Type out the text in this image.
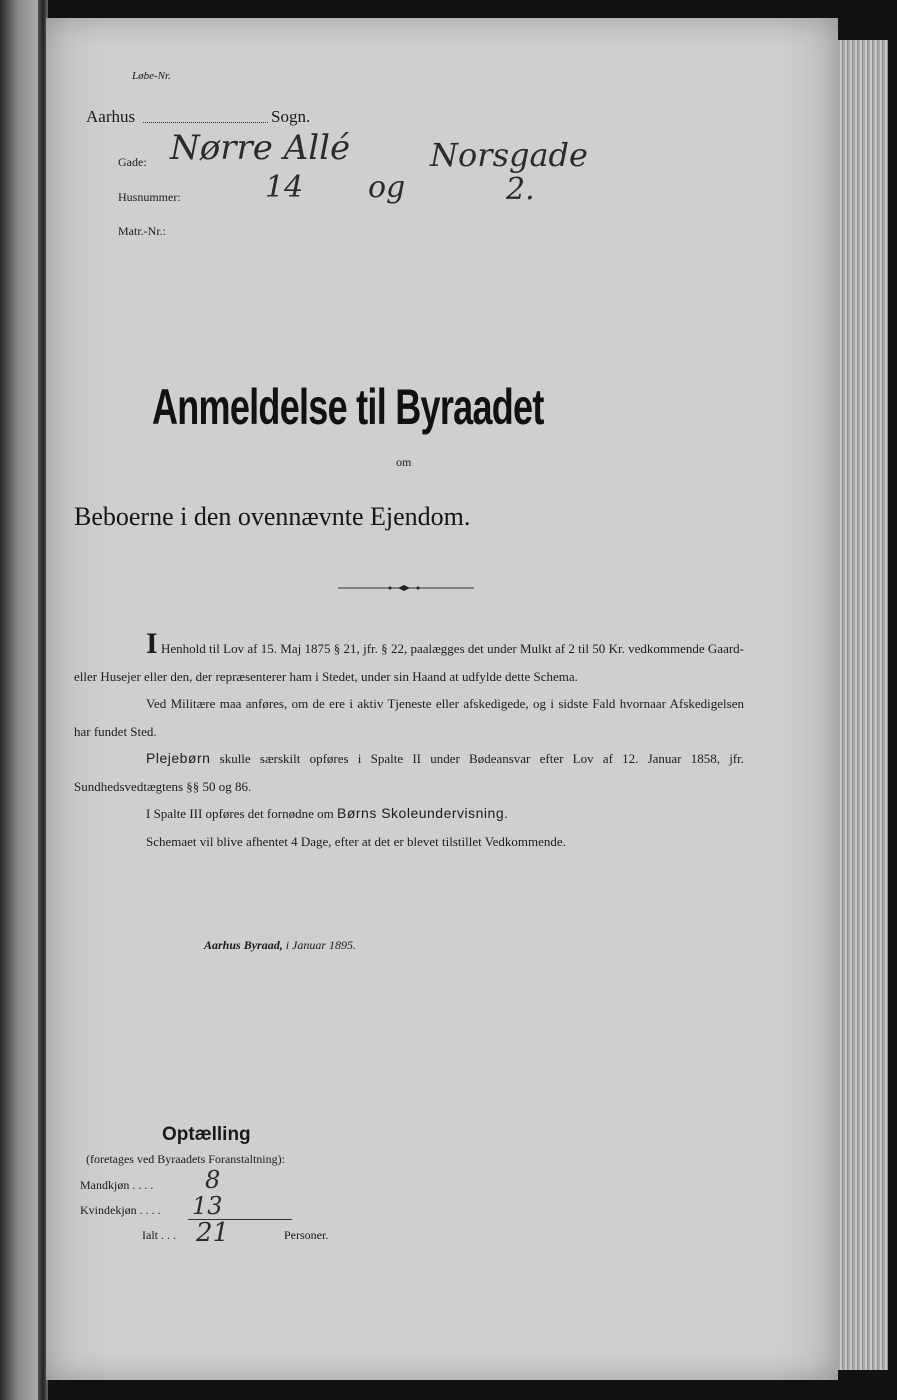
Løbe-Nr.
Aarhus	Sogn.
Gade: Nørre Allé Norsgade
Husnummer:	14 og	2.
Matr.-Nr.:
Anmeldelse til Byraadet
om
Beboerne i den ovennævnte Ejendom.

I Henhold til Lov af 15. Maj 1875 § 21, jfr. § 22, paalægges det under Mulkt af 2 til 50 Kr. vedkommende Gaard- eller Husejer eller den, der repræsenterer ham i Stedet, under sin Haand at udfylde dette Schema.

Ved Militære maa anføres, om de ere i aktiv Tjeneste eller afskedigede, og i sidste Fald hvornaar Afskedigelsen har fundet Sted.

Plejebørn skulle særskilt opføres i Spalte II under Bødeansvar efter Lov af 12. Januar 1858, jfr. Sundhedsvedtægtens §§ 50 og 86.

I Spalte III opføres det fornødne om Børns Skoleundervisning.

Schemaet vil blive afhentet 4 Dage, efter at det er blevet tilstillet Vedkommende.

Aarhus Byraad, i Januar 1895.
Optælling
(foretages ved Byraadets Foranstaltning):
Mandkjøn . . . . 8
Kvindekjøn . . . . 13
Ialt . . . 21	Personer.
